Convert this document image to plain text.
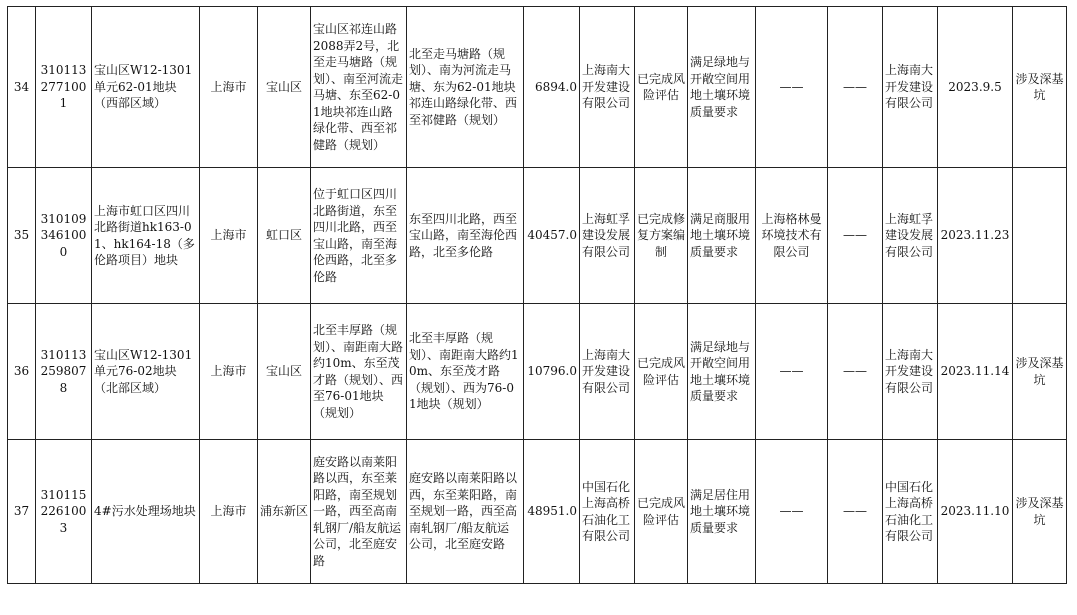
34	3101132771001	宝山区W12-1301单元62-01地块（西部区域）	上海市	宝山区	宝山区祁连山路2088弄2号，北至走马塘路（规划）、南至河流走马塘、东至62-01地块祁连山路绿化带、西至祁健路（规划）	北至走马塘路（规划）、南为河流走马塘、东为62-01地块祁连山路绿化带、西至祁健路（规划）	6894.0	上海南大开发建设有限公司	已完成风险评估	满足绿地与开敞空间用地土壤环境质量要求	——	——	上海南大开发建设有限公司	2023.9.5	涉及深基坑
35	3101093461000	上海市虹口区四川北路街道hk163-01、hk164-18（多伦路项目）地块	上海市	虹口区	位于虹口区四川北路街道，东至四川北路，西至宝山路，南至海伦西路，北至多伦路	东至四川北路，西至宝山路，南至海伦西路，北至多伦路	40457.0	上海虹孚建设发展有限公司	已完成修复方案编制	满足商服用地土壤环境质量要求	上海格林曼环境技术有限公司	——	上海虹孚建设发展有限公司	2023.11.23	
36	3101132598078	宝山区W12-1301单元76-02地块（北部区域）	上海市	宝山区	北至丰厚路（规划）、南距南大路约10m、东至茂才路（规划）、西至76-01地块（规划）	北至丰厚路（规划）、南距南大路约10m、东至茂才路（规划）、西为76-01地块（规划）	10796.0	上海南大开发建设有限公司	已完成风险评估	满足绿地与开敞空间用地土壤环境质量要求	——	——	上海南大开发建设有限公司	2023.11.14	涉及深基坑
37	3101152261003	4#污水处理场地块	上海市	浦东新区	庭安路以南莱阳路以西，东至莱阳路，南至规划一路，西至高南轧钢厂/船友航运公司，北至庭安路	庭安路以南莱阳路以西，东至莱阳路，南至规划一路，西至高南轧钢厂/船友航运公司，北至庭安路	48951.0	中国石化上海高桥石油化工有限公司	已完成风险评估	满足居住用地土壤环境质量要求	——	——	中国石化上海高桥石油化工有限公司	2023.11.10	涉及深基坑
